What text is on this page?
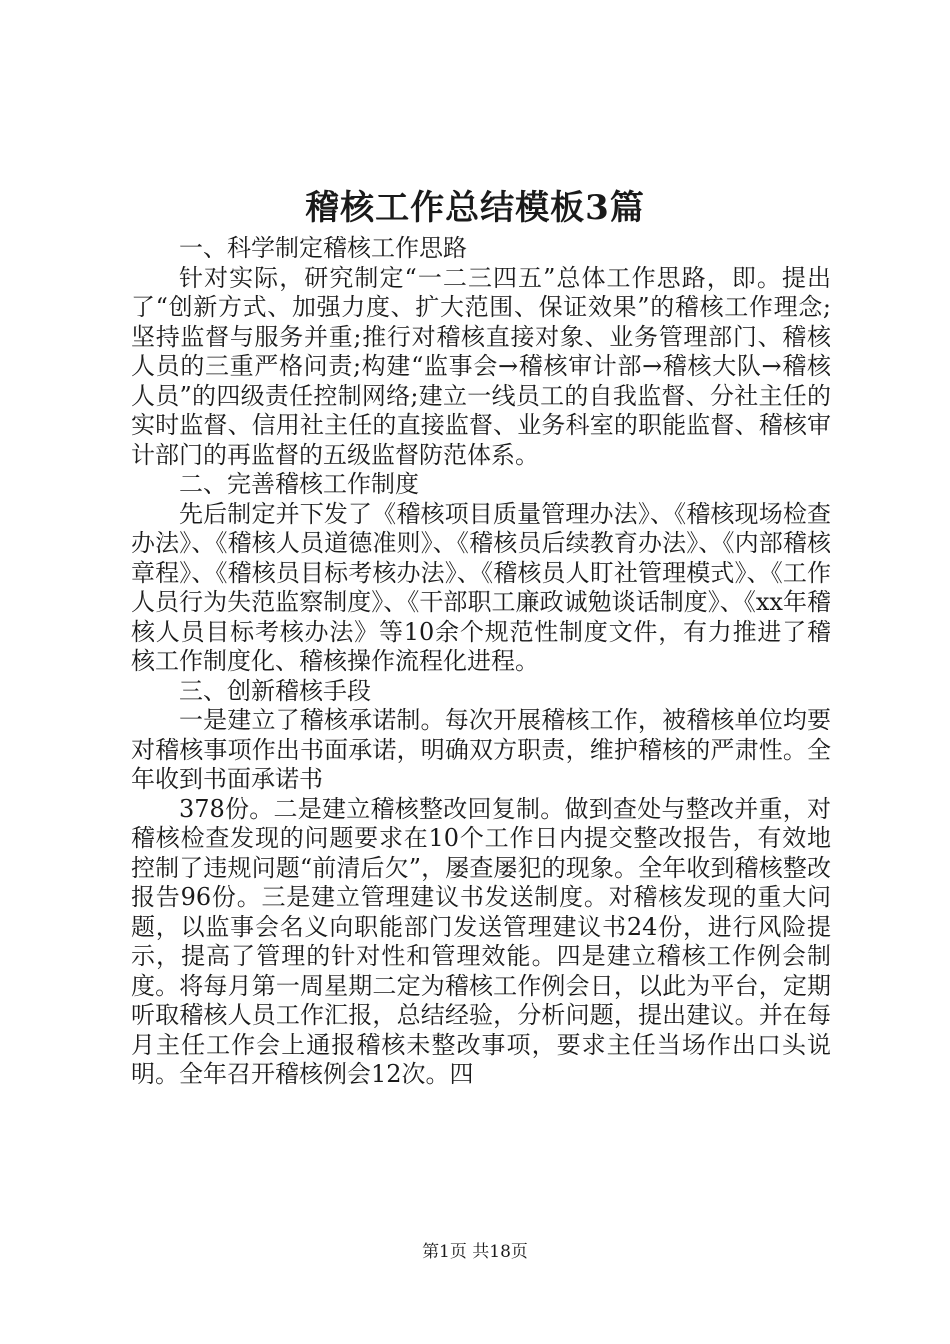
稽核工作总结模板3篇

一、科学制定稽核工作思路

针对实际，研究制定“一二三四五”总体工作思路，即。提出了“创新方式、加强力度、扩大范围、保证效果”的稽核工作理念;坚持监督与服务并重;推行对稽核直接对象、业务管理部门、稽核人员的三重严格问责;构建“监事会→稽核审计部→稽核大队→稽核人员”的四级责任控制网络;建立一线员工的自我监督、分社主任的实时监督、信用社主任的直接监督、业务科室的职能监督、稽核审计部门的再监督的五级监督防范体系。

二、完善稽核工作制度

先后制定并下发了《稽核项目质量管理办法》、《稽核现场检查办法》、《稽核人员道德准则》、《稽核员后续教育办法》、《内部稽核章程》、《稽核员目标考核办法》、《稽核员人盯社管理模式》、《工作人员行为失范监察制度》、《干部职工廉政诚勉谈话制度》、《xx年稽核人员目标考核办法》等10余个规范性制度文件，有力推进了稽核工作制度化、稽核操作流程化进程。

三、创新稽核手段

一是建立了稽核承诺制。每次开展稽核工作，被稽核单位均要对稽核事项作出书面承诺，明确双方职责，维护稽核的严肃性。全年收到书面承诺书

378份。二是建立稽核整改回复制。做到查处与整改并重，对稽核检查发现的问题要求在10个工作日内提交整改报告，有效地控制了违规问题“前清后欠”，屡查屡犯的现象。全年收到稽核整改报告96份。三是建立管理建议书发送制度。对稽核发现的重大问题，以监事会名义向职能部门发送管理建议书24份，进行风险提示，提高了管理的针对性和管理效能。四是建立稽核工作例会制度。将每月第一周星期二定为稽核工作例会日，以此为平台，定期听取稽核人员工作汇报，总结经验，分析问题，提出建议。并在每月主任工作会上通报稽核未整改事项，要求主任当场作出口头说明。全年召开稽核例会12次。四

第1页 共18页
